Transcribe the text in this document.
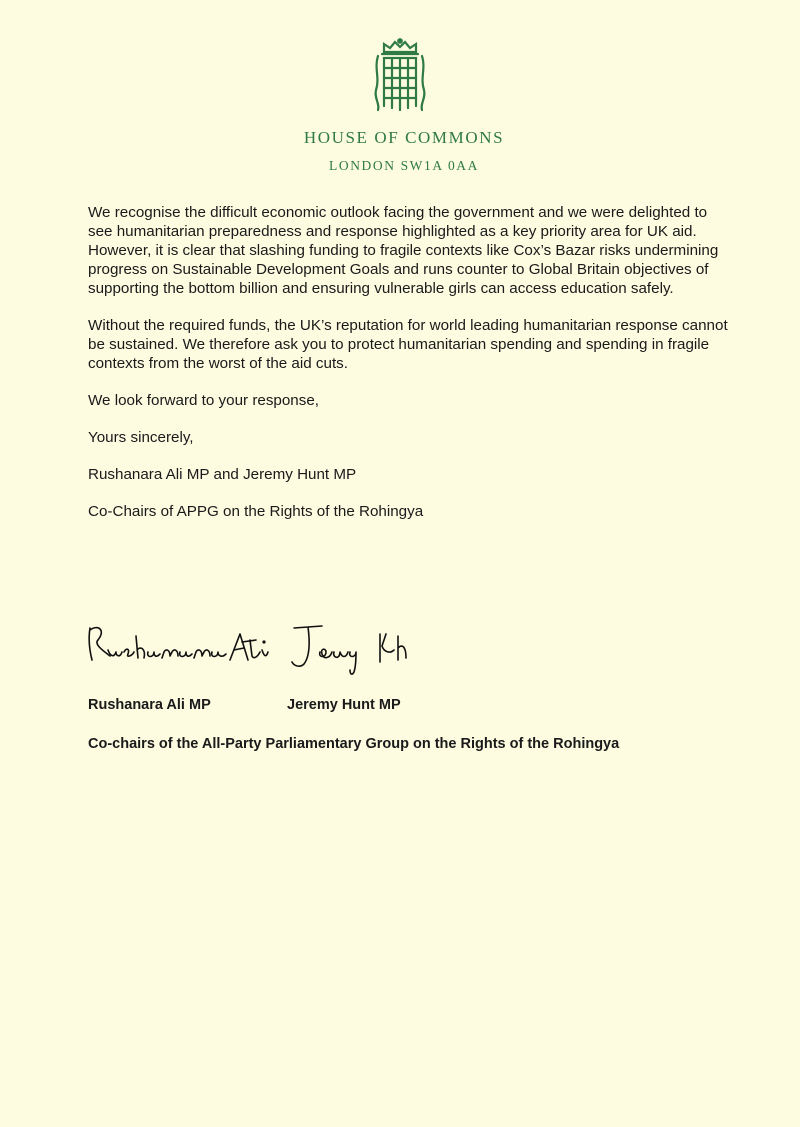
HOUSE OF COMMONS
LONDON SW1A 0AA

We recognise the difficult economic outlook facing the government and we were delighted to see humanitarian preparedness and response highlighted as a key priority area for UK aid. However, it is clear that slashing funding to fragile contexts like Cox’s Bazar risks undermining progress on Sustainable Development Goals and runs counter to Global Britain objectives of supporting the bottom billion and ensuring vulnerable girls can access education safely.

Without the required funds, the UK’s reputation for world leading humanitarian response cannot be sustained. We therefore ask you to protect humanitarian spending and spending in fragile contexts from the worst of the aid cuts.

We look forward to your response,

Yours sincerely,

Rushanara Ali MP and Jeremy Hunt MP

Co-Chairs of APPG on the Rights of the Rohingya

Rushanara Ali MP	Jeremy Hunt MP
Co-chairs of the All-Party Parliamentary Group on the Rights of the Rohingya
